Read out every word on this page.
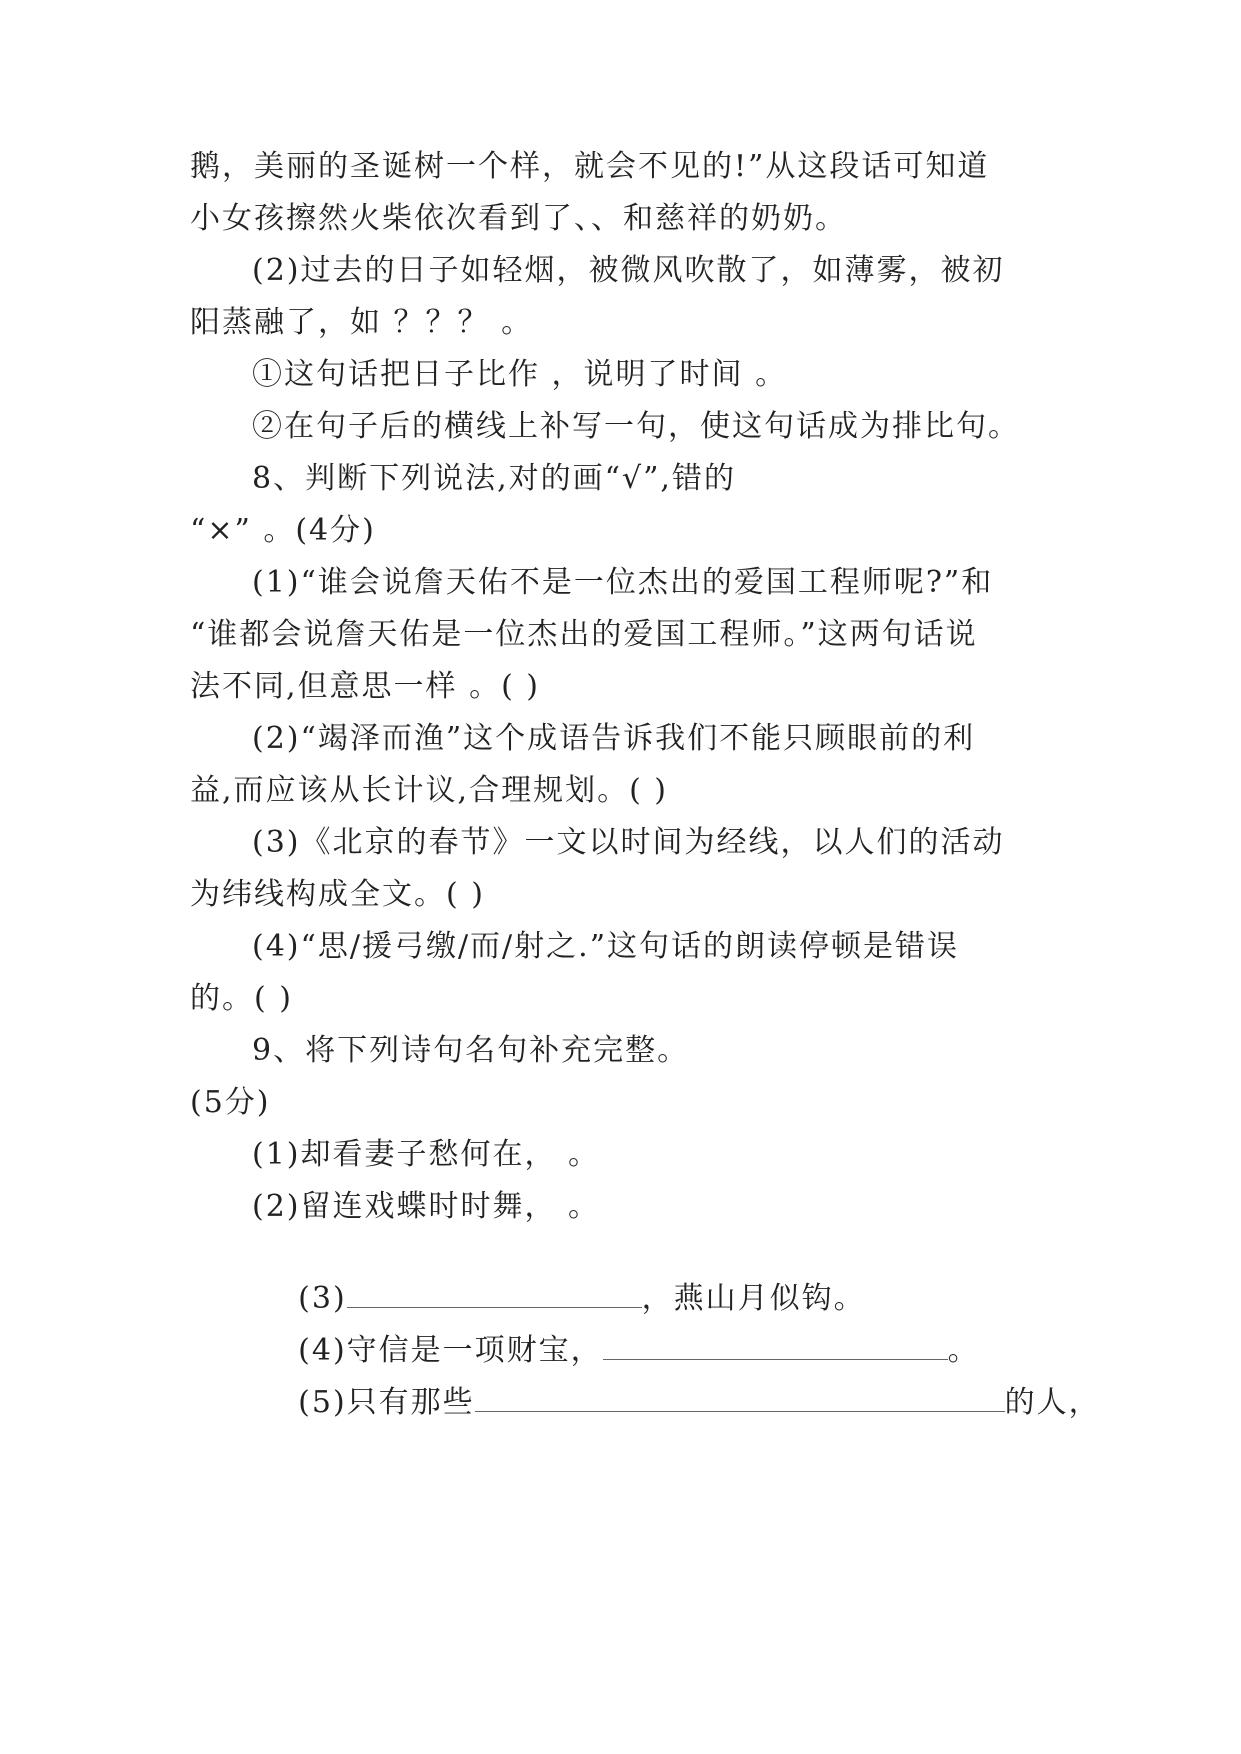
鹅，美丽的圣诞树一个样，就会不见的!”从这段话可知道
小女孩擦然火柴依次看到了、、和慈祥的奶奶。
(2)过去的日子如轻烟，被微风吹散了，如薄雾，被初
阳蒸融了，如 ？？？ 。
①这句话把日子比作 ，说明了时间 。
②在句子后的横线上补写一句，使这句话成为排比句。
8、判断下列说法,对的画“√”,错的
“×” 。(4分)
(1)“谁会说詹天佑不是一位杰出的爱国工程师呢?”和
“谁都会说詹天佑是一位杰出的爱国工程师。”这两句话说
法不同,但意思一样 。( )
(2)“竭泽而渔”这个成语告诉我们不能只顾眼前的利
益,而应该从长计议,合理规划。( )
(3)《北京的春节》一文以时间为经线，以人们的活动
为纬线构成全文。( )
(4)“思/援弓缴/而/射之.”这句话的朗读停顿是错误
的。( )
9、将下列诗句名句补充完整。
(5分)
(1)却看妻子愁何在， 。
(2)留连戏蝶时时舞， 。

(3)	，燕山月似钩。

(4)守信是一项财宝，	。

(5)只有那些	的人，
